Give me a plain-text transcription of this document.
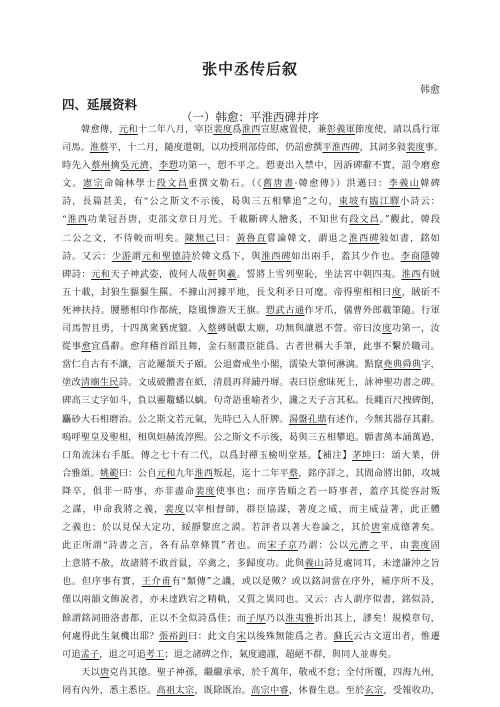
张中丞传后叙
韩愈
四、延展资料
（一）韩愈：平淮西碑并序
韓愈傳，元和十二年八月，宰臣裴度爲淮西宣慰處置使，兼彰義軍節度使，請以爲行軍
司馬。淮蔡平，十二月，隨度還朝，以功授刑部侍郎，仍詔愈撰平淮西碑，其詞多敍裴度事。
時先入蔡州擒吳元濟，李愬功第一，愬不平之。愬妻出入禁中，因訴碑辭不實，詔令磨愈
文。憲宗命翰林學士段文昌重撰文勒石。（《舊唐書·韓愈傳》）洪邁曰：李義山韓碑
詩，長篇甚美，有“公之斯文不示後，曷與三五相攀追”之句，東坡有臨江驛小詩云：
“淮西功業冠吾唐，吏部文章日月光。千載斷碑人膾炙，不知世有段文昌。”觀此，韓段
二公之文，不待較而明矣。陳無己曰：黃魯直嘗論韓文，謂退之淮西碑敍如書，銘如
詩。又云：少游謂元和聖德詩於韓文爲下，與淮西碑如出兩手，蓋其少作也。李商隱韓
碑詩：元和天子神武姿，彼何人哉軒與羲。誓將上雪列聖恥，坐法宮中朝四夷。淮西有賊
五十載，封狼生貙貙生羆。不據山河據平地，長戈利矛日可麾。帝得聖相相曰度，賊斫不
死神扶持。腰懸相印作都統，陰風慘澹天王旗。愬武古通作牙爪，儀曹外郎載筆隨。行軍
司馬智且勇，十四萬衆猶虎貔。入蔡縛賊獻太廟，功無與讓恩不訾。帝曰汝度功第一，汝
從事愈宜爲辭。愈拜稽首蹈且舞，金石刻畫臣能爲。古者世稱大手筆，此事不繫於職司。
當仁自古有不讓，言訖屢頷天子頤。公退齋戒坐小閣，濡染大筆何淋漓。點竄堯典舜典字，
塗改清廟生民詩。文成破體書在紙，清晨再拜鋪丹墀。表曰臣愈昧死上，詠神聖功書之碑。
碑高三丈字如斗，負以靈鼇蟠以螭。句奇語重喻者少，讒之天子言其私。長繩百尺拽碑倒，
麤砂大石相磨治。公之斯文若元氣，先時已入人肝脾。湯盤孔鼎有述作，今無其器存其辭。
嗚呼聖皇及聖相，相與烜赫流淳熙。公之斯文不示後，曷與三五相攀追。願書萬本誦萬過，
口角流沫右手胝。傳之七十有二代，以爲封禪玉檢明堂基。【補注】茅坤曰：頌大業，併
合雅頌。姚範曰：公自元和九年淮西叛起，迄十二年平蔡，銘序詳之，其間命將出師，攻城
降卒，俱非一時事，亦非盡命裴度使事也；而序皆順之若一時事者，蓋序其從容討叛
之謀，申命我將之義，裴度以宰相督師，群臣協謀，著度之威，而主威益著，此正體
之義也；於以見保大定功，綏靜黎庶之謨。若評者以著大卷論之，其於唐室成德著矣。
此正所謂“詩書之言，各有品章條貫”者也。而宋子京乃謂：公以元濟之平，由裴度固
上意將不赦，故諸將不敢首鼠，卒禽之，多歸度功。此與義山詩見處同耳，未達謙沖之旨
也。但序事有實，王介甫有“類傳”之譏，或以是歟？或以銘詞當在序外，補序所不及，
僅以兩韻文飾說者，亦未達跌宕之精軌，又質之異同也。又云：古人謂序似書，銘似詩，
餘謂銘詞冊洛書都，正以不全似詩爲佳；而子厚乃以淮夷雅折出其上，謬矣！規模章句，
何處得此生氣機出耶？張裕釗曰：此文自宋以後殊無能爲之者。蘇氏云古文道出者，惟遷
可追孟子，退之可追考工；退之諸碑之作，氣度適謹，超絕不群，與同人並專矣。
天以唐克肖其德。聖子神孫，繼繼承承，於千萬年，敬戒不怠；全付所覆，四海九州，
罔有內外，悉主悉臣。高祖太宗，既除既治。高宗中睿，休養生息。至於玄宗，受報收功，
